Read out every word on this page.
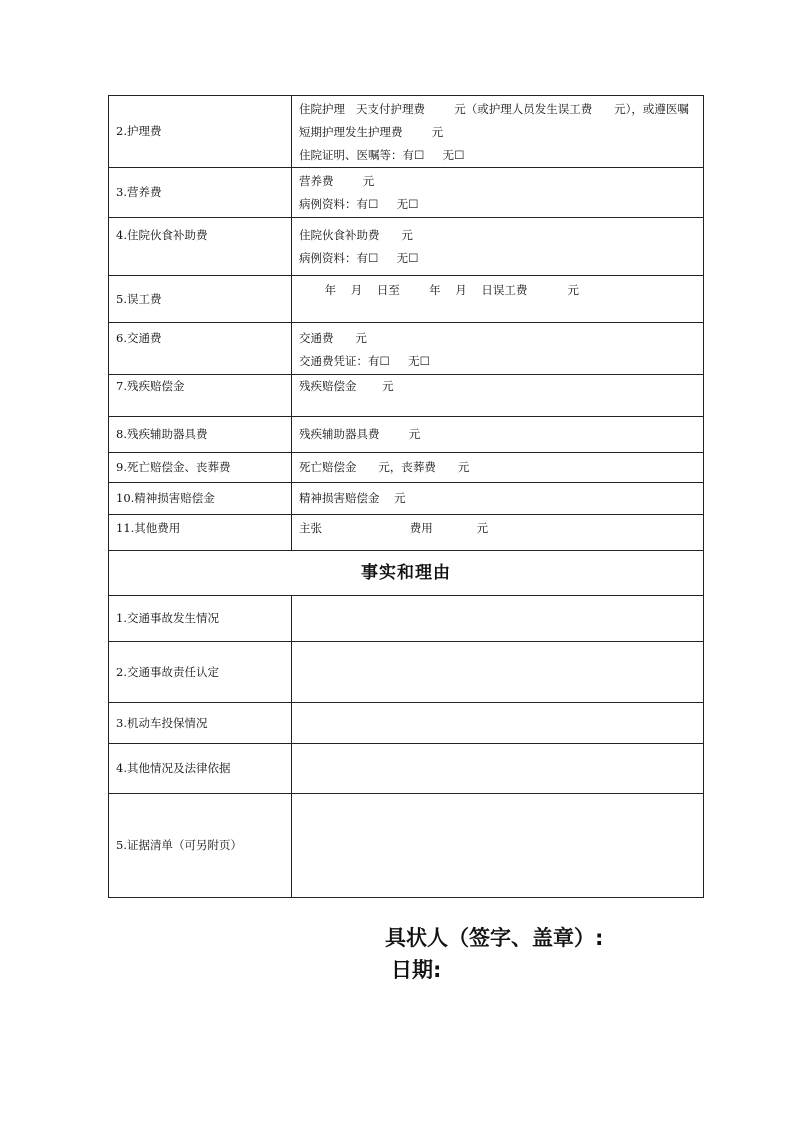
2.护理费	住院护理   天支付护理费        元（或护理人员发生误工费      元），或遵医嘱
短期护理发生护理费        元
住院证明、医嘱等：有☐     无☐

3.营养费	营养费        元
病例资料：有☐     无☐

4.住院伙食补助费	住院伙食补助费      元
病例资料：有☐     无☐

5.误工费	年    月    日至        年    月    日误工费           元

6.交通费	交通费      元
交通费凭证：有☐     无☐

7.残疾赔偿金	残疾赔偿金       元

8.残疾辅助器具费	残疾辅助器具费        元

9.死亡赔偿金、丧葬费	死亡赔偿金      元，丧葬费      元

10.精神损害赔偿金	精神损害赔偿金    元

11.其他费用	主张                        费用            元

事实和理由	
1.交通事故发生情况	
2.交通事故责任认定	
3.机动车投保情况	
4.其他情况及法律依据	
5.证据清单（可另附页）	
具状人（签字、盖章）:
日期:
